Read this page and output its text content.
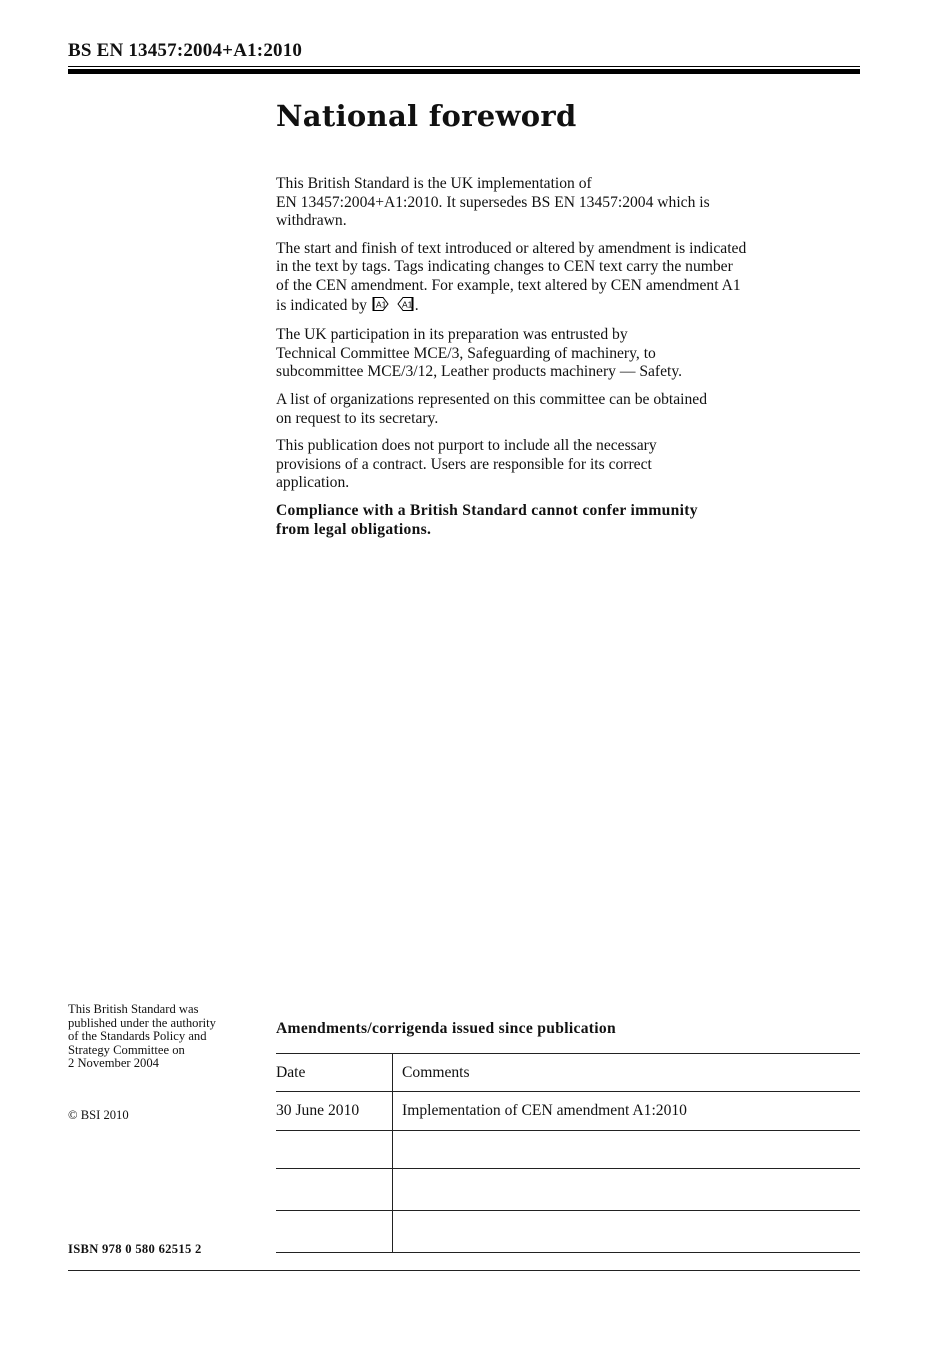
BS EN 13457:2004+A1:2010
National foreword

This British Standard is the UK implementation of
EN 13457:2004+A1:2010. It supersedes BS EN 13457:2004 which is
withdrawn.

The start and finish of text introduced or altered by amendment is indicated
in the text by tags. Tags indicating changes to CEN text carry the number
of the CEN amendment. For example, text altered by CEN amendment A1
is indicated by A1
A1 .

The UK participation in its preparation was entrusted by
Technical Committee MCE/3, Safeguarding of machinery, to
subcommittee MCE/3/12, Leather products machinery — Safety.

A list of organizations represented on this committee can be obtained
on request to its secretary.

This publication does not purport to include all the necessary
provisions of a contract. Users are responsible for its correct
application.

Compliance with a British Standard cannot confer immunity
from legal obligations.

This British Standard was
published under the authority
of the Standards Policy and
Strategy Committee on
2 November 2004
© BSI 2010
ISBN 978 0 580 62515 2
Amendments/corrigenda issued since publication
Date	Comments
30 June 2010	Implementation of CEN amendment A1:2010
